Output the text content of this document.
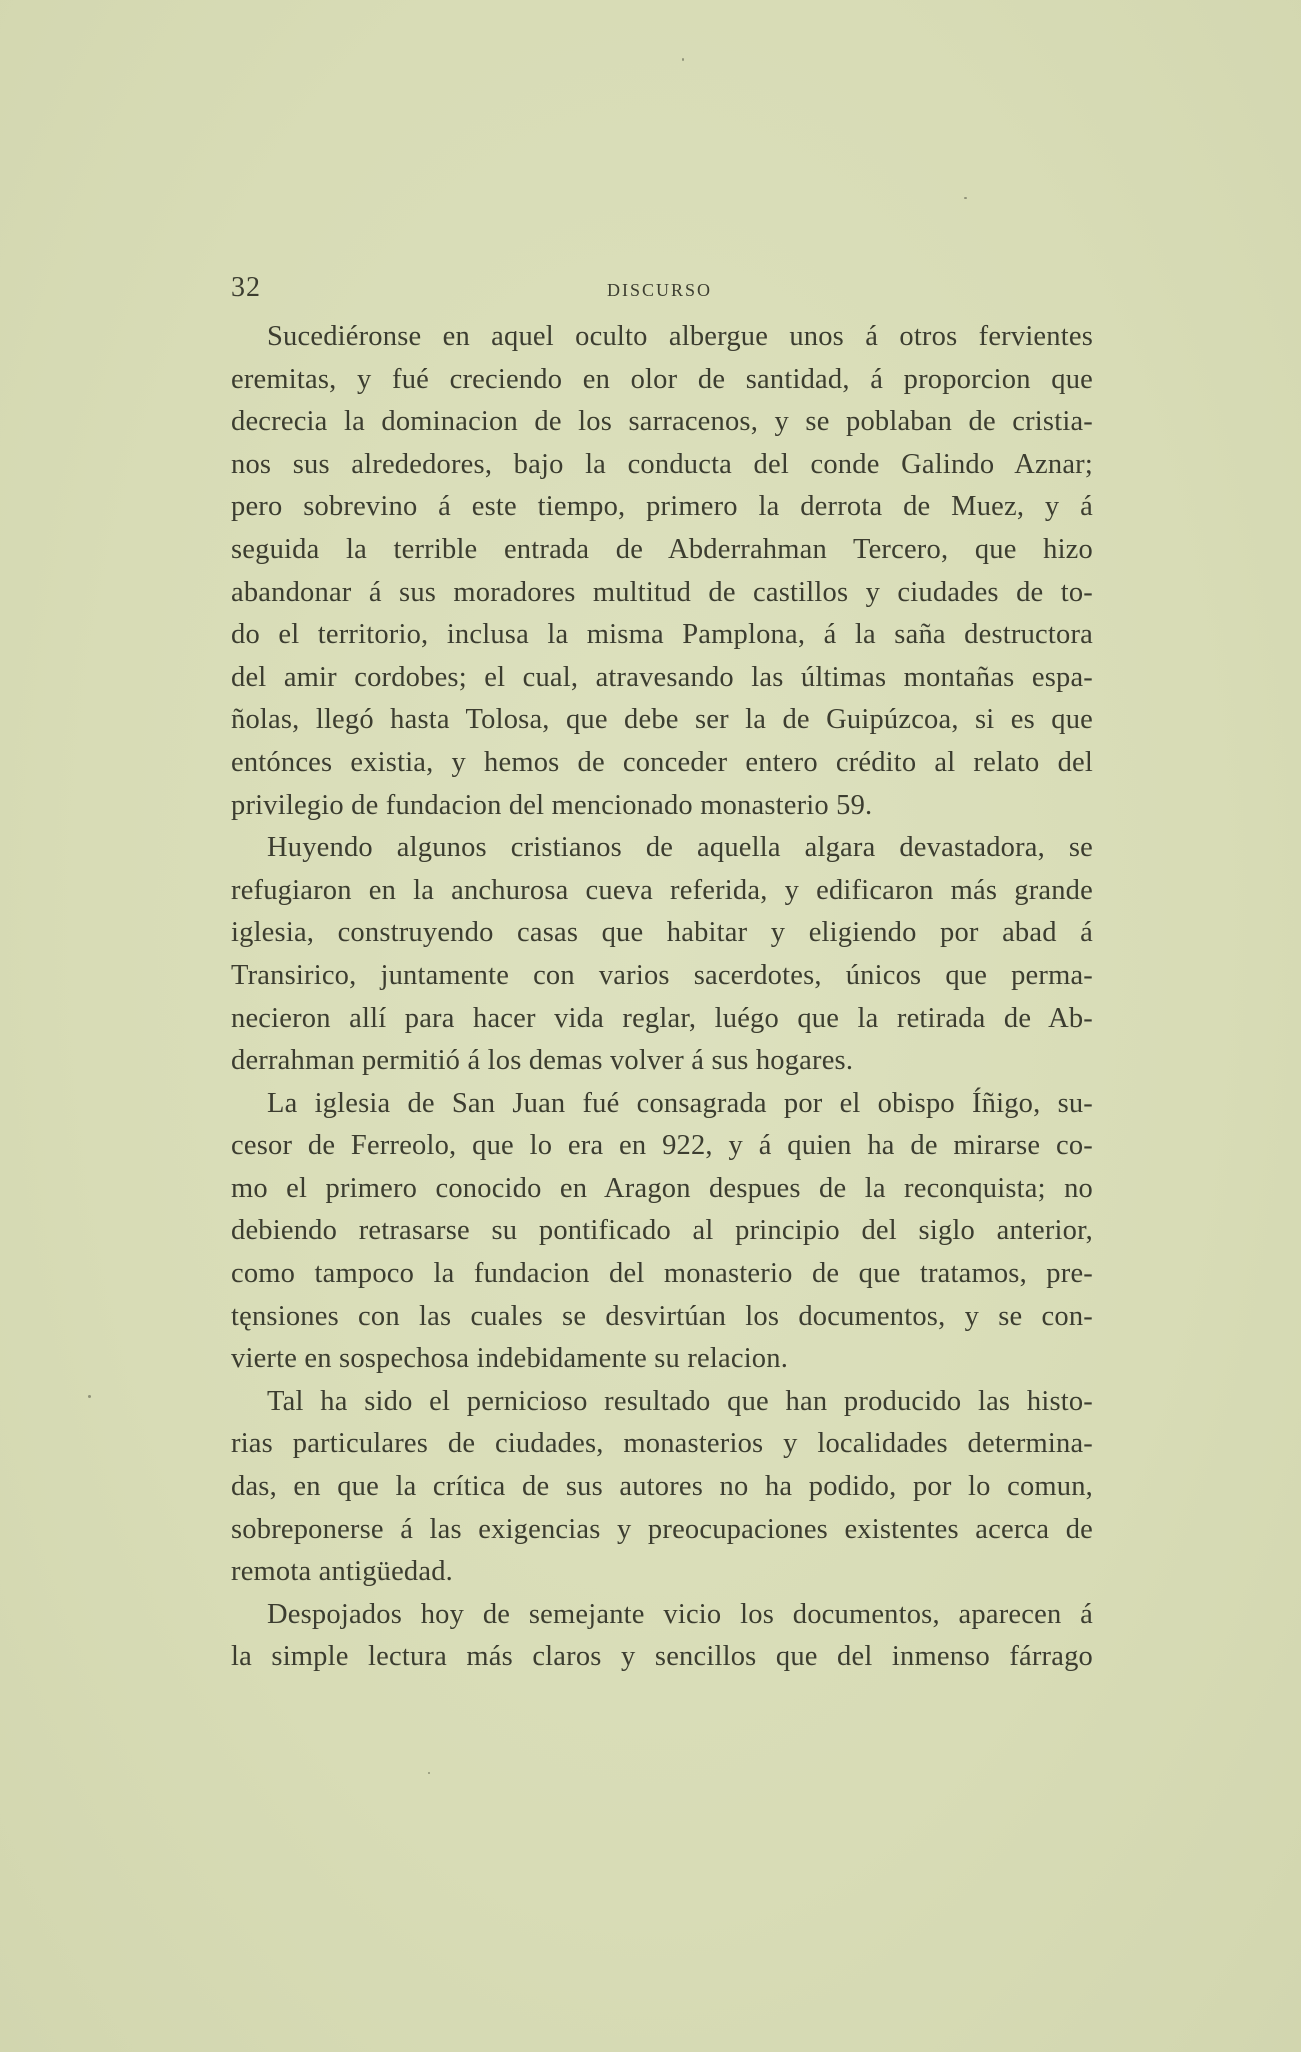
32	DISCURSO
Sucediéronse en aquel oculto albergue unos á otros fervientes
eremitas, y fué creciendo en olor de santidad, á proporcion que
decrecia la dominacion de los sarracenos, y se poblaban de cristia-
nos sus alrededores, bajo la conducta del conde Galindo Aznar;
pero sobrevino á este tiempo, primero la derrota de Muez, y á
seguida la terrible entrada de Abderrahman Tercero, que hizo
abandonar á sus moradores multitud de castillos y ciudades de to-
do el territorio, inclusa la misma Pamplona, á la saña destructora
del amir cordobes; el cual, atravesando las últimas montañas espa-
ñolas, llegó hasta Tolosa, que debe ser la de Guipúzcoa, si es que
entónces existia, y hemos de conceder entero crédito al relato del
privilegio de fundacion del mencionado monasterio 59.
Huyendo algunos cristianos de aquella algara devastadora, se
refugiaron en la anchurosa cueva referida, y edificaron más grande
iglesia, construyendo casas que habitar y eligiendo por abad á
Transirico, juntamente con varios sacerdotes, únicos que perma-
necieron allí para hacer vida reglar, luégo que la retirada de Ab-
derrahman permitió á los demas volver á sus hogares.
La iglesia de San Juan fué consagrada por el obispo Íñigo, su-
cesor de Ferreolo, que lo era en 922, y á quien ha de mirarse co-
mo el primero conocido en Aragon despues de la reconquista; no
debiendo retrasarse su pontificado al principio del siglo anterior,
como tampoco la fundacion del monasterio de que tratamos, pre-
tęnsiones con las cuales se desvirtúan los documentos, y se con-
vierte en sospechosa indebidamente su relacion.
Tal ha sido el pernicioso resultado que han producido las histo-
rias particulares de ciudades, monasterios y localidades determina-
das, en que la crítica de sus autores no ha podido, por lo comun,
sobreponerse á las exigencias y preocupaciones existentes acerca de
remota antigüedad.
Despojados hoy de semejante vicio los documentos, aparecen á
la simple lectura más claros y sencillos que del inmenso fárrago
